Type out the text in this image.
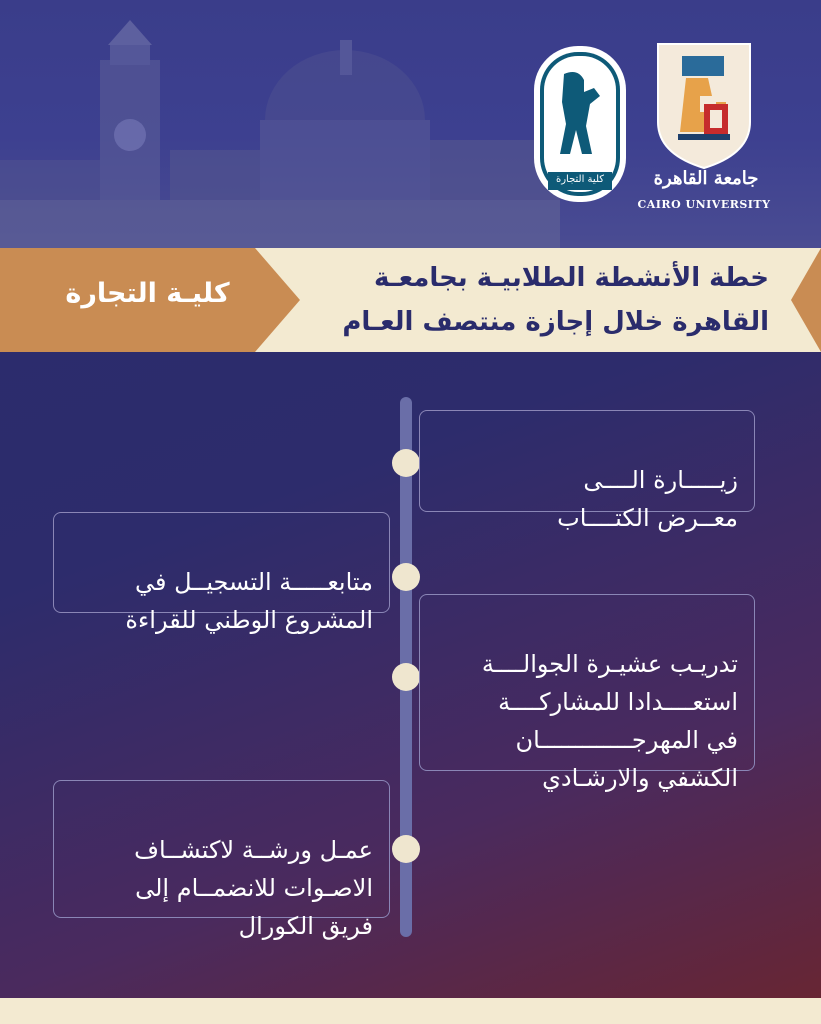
كلية التجارة	جامعة القاهرة
CAIRO UNIVERSITY
كليـة التجارة	خطة الأنشطة الطلابيـة بجامعـة
القاهرة خلال إجازة منتصف العـام

زيـــــارة الــــى
معــرض الكتــــاب

متابعـــــة التسجيــل في
المشروع الوطني للقراءة

تدريـب عشيـرة الجوالــــة
استعــــدادا للمشاركــــة
في المهرجـــــــــــــان
الكشفي والارشـادي

عمـل ورشــة لاكتشــاف
الاصـوات للانضمــام إلى
فريق الكورال
